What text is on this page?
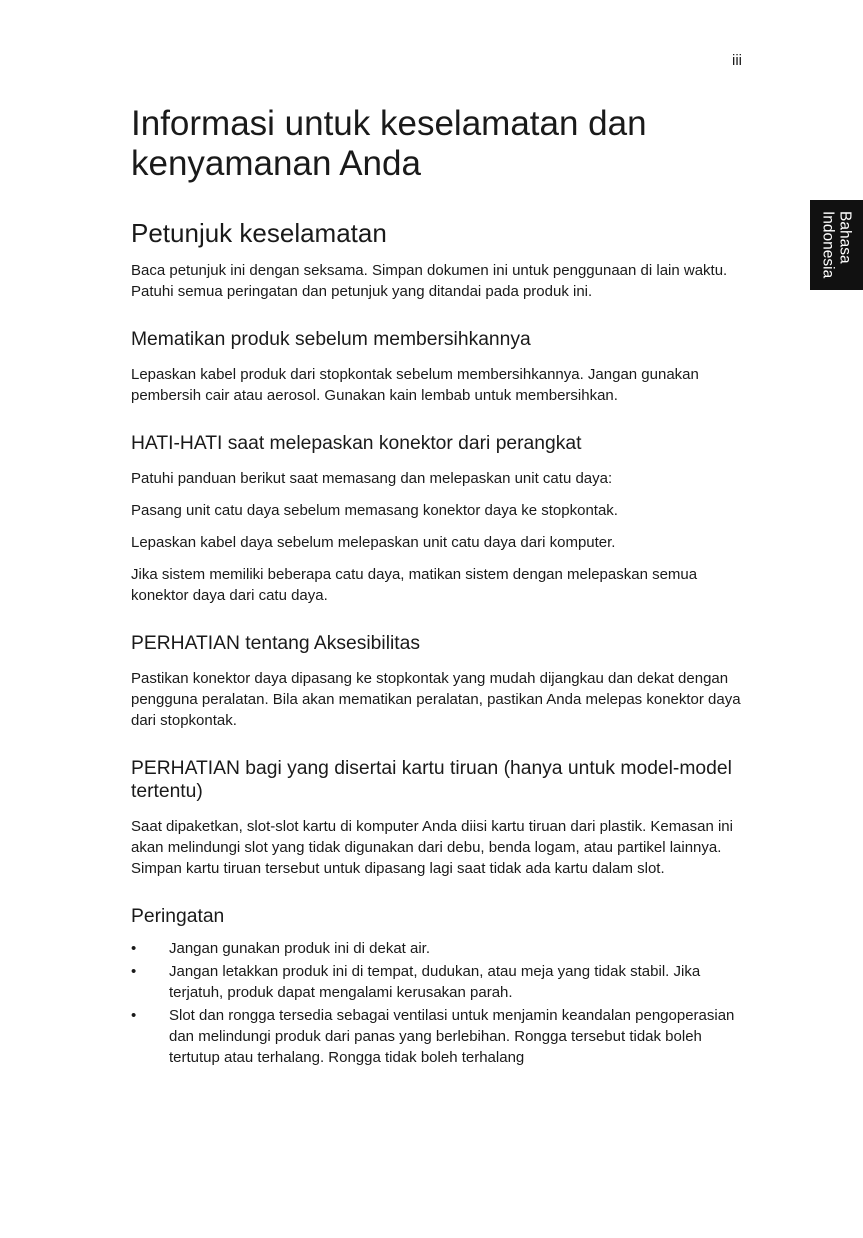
iii
Bahasa
Indonesia
Informasi untuk keselamatan dan kenyamanan Anda
Petunjuk keselamatan

Baca petunjuk ini dengan seksama. Simpan dokumen ini untuk penggunaan di lain waktu. Patuhi semua peringatan dan petunjuk yang ditandai pada produk ini.

Mematikan produk sebelum membersihkannya

Lepaskan kabel produk dari stopkontak sebelum membersihkannya. Jangan gunakan pembersih cair atau aerosol. Gunakan kain lembab untuk membersihkan.

HATI-HATI saat melepaskan konektor dari perangkat

Patuhi panduan berikut saat memasang dan melepaskan unit catu daya:

Pasang unit catu daya sebelum memasang konektor daya ke stopkontak.

Lepaskan kabel daya sebelum melepaskan unit catu daya dari komputer.

Jika sistem memiliki beberapa catu daya, matikan sistem dengan melepaskan semua konektor daya dari catu daya.

PERHATIAN tentang Aksesibilitas

Pastikan konektor daya dipasang ke stopkontak yang mudah dijangkau dan dekat dengan pengguna peralatan. Bila akan mematikan peralatan, pastikan Anda melepas konektor daya dari stopkontak.

PERHATIAN bagi yang disertai kartu tiruan (hanya untuk model-model tertentu)

Saat dipaketkan, slot-slot kartu di komputer Anda diisi kartu tiruan dari plastik. Kemasan ini akan melindungi slot yang tidak digunakan dari debu, benda logam, atau partikel lainnya. Simpan kartu tiruan tersebut untuk dipasang lagi saat tidak ada kartu dalam slot.

Peringatan
• Jangan gunakan produk ini di dekat air.
• Jangan letakkan produk ini di tempat, dudukan, atau meja yang tidak stabil. Jika terjatuh, produk dapat mengalami kerusakan parah.
• Slot dan rongga tersedia sebagai ventilasi untuk menjamin keandalan pengoperasian dan melindungi produk dari panas yang berlebihan. Rongga tersebut tidak boleh tertutup atau terhalang. Rongga tidak boleh terhalang
